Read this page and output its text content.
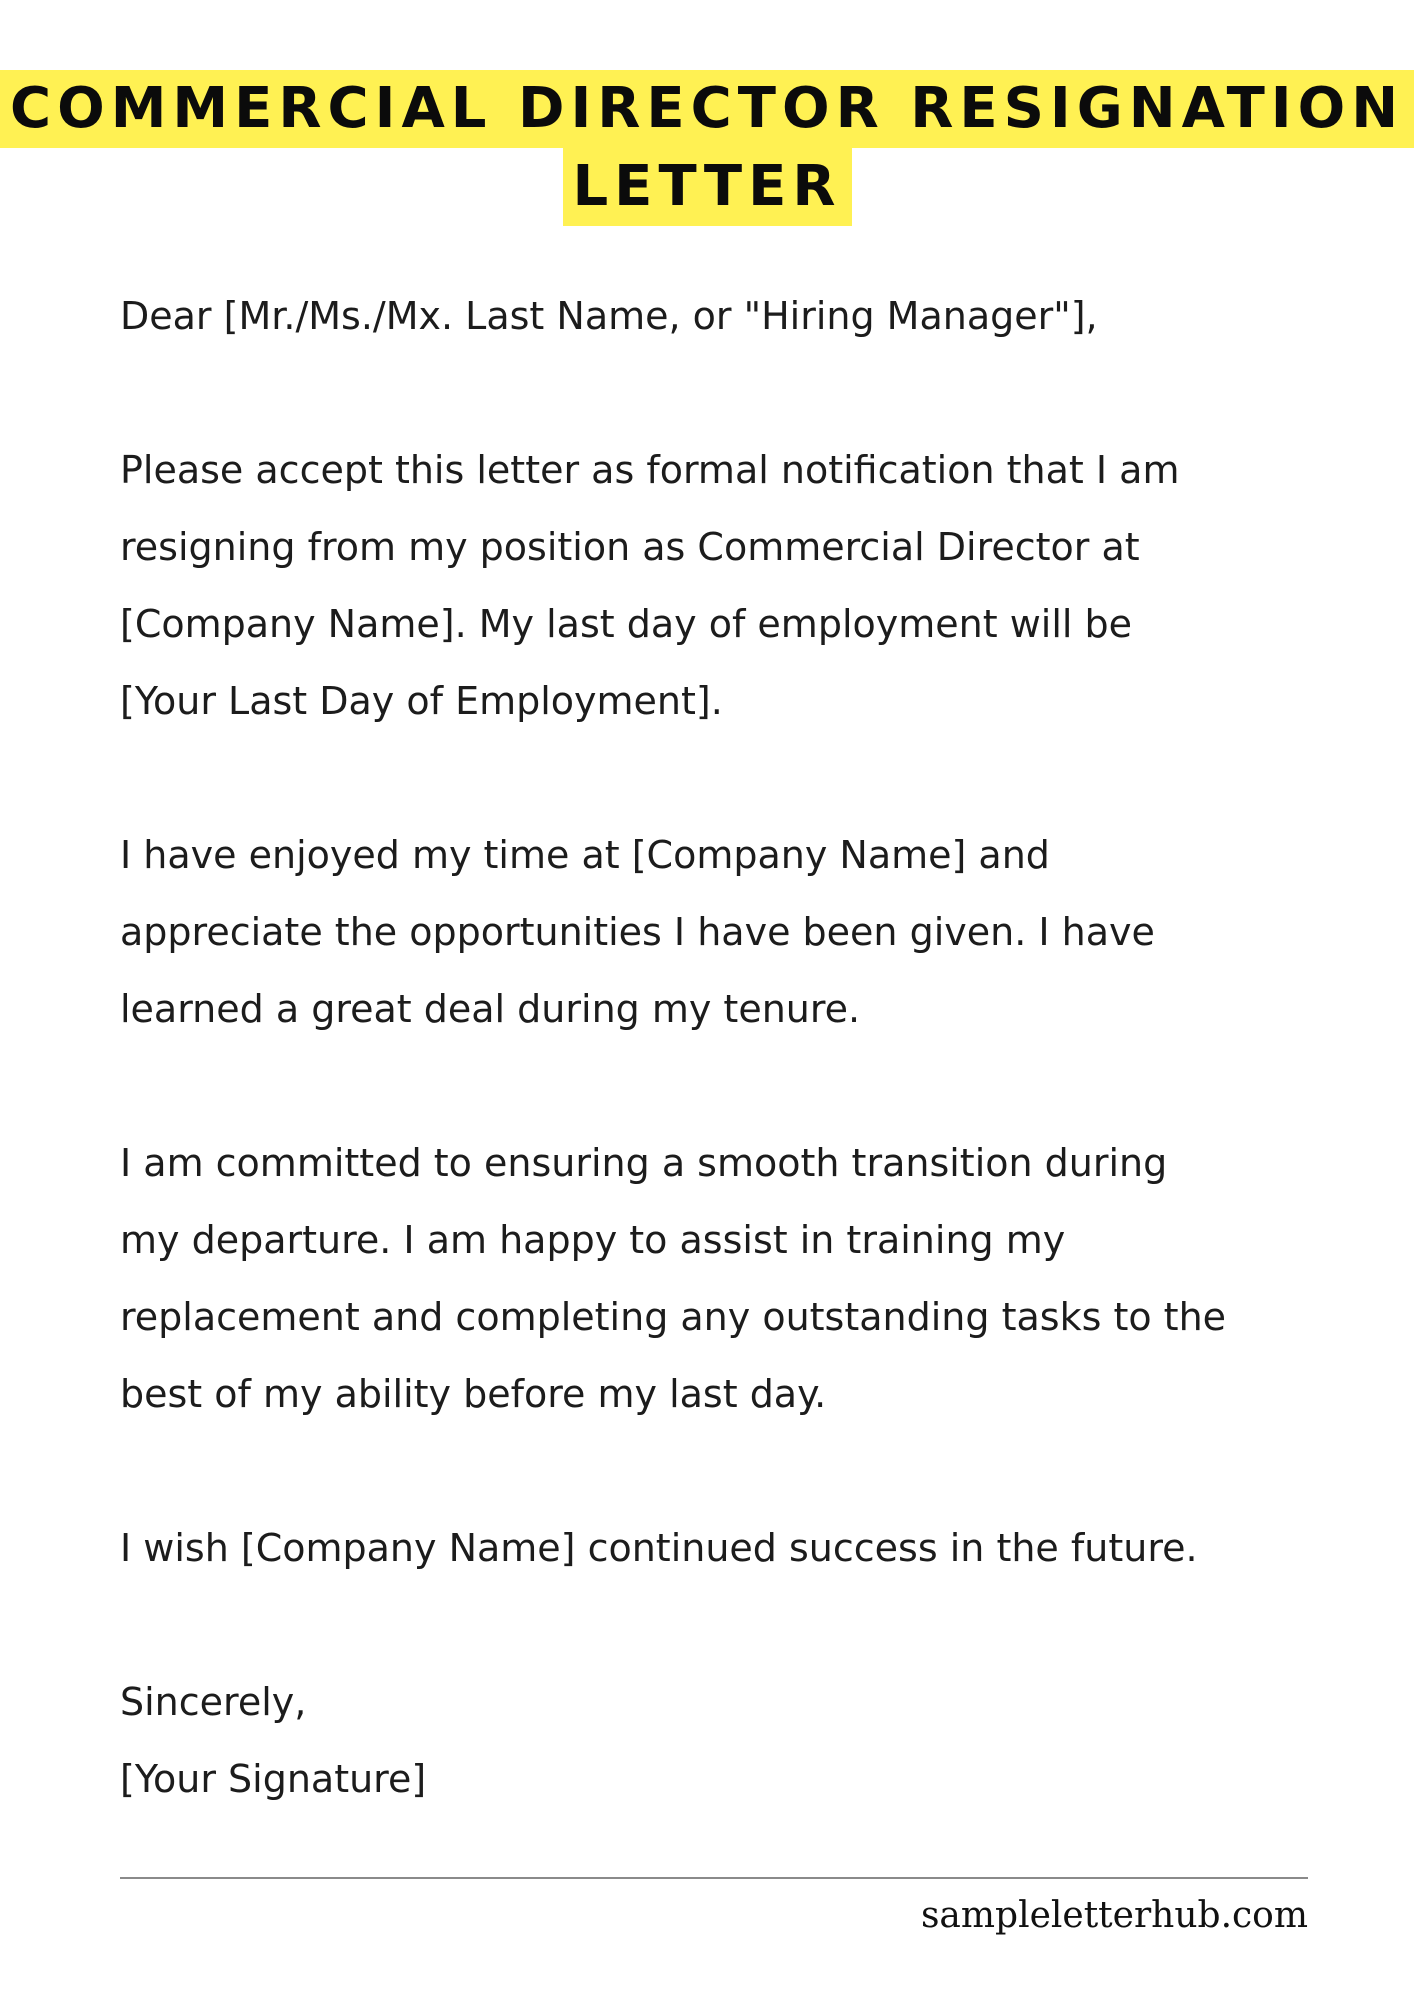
COMMERCIAL DIRECTOR RESIGNATION
LETTER

Dear [Mr./Ms./Mx. Last Name, or "Hiring Manager"],

Please accept this letter as formal notification that I am

resigning from my position as Commercial Director at

[Company Name]. My last day of employment will be

[Your Last Day of Employment].

I have enjoyed my time at [Company Name] and

appreciate the opportunities I have been given. I have

learned a great deal during my tenure.

I am committed to ensuring a smooth transition during

my departure. I am happy to assist in training my

replacement and completing any outstanding tasks to the

best of my ability before my last day.

I wish [Company Name] continued success in the future.

Sincerely,

[Your Signature]

sampleletterhub.com
